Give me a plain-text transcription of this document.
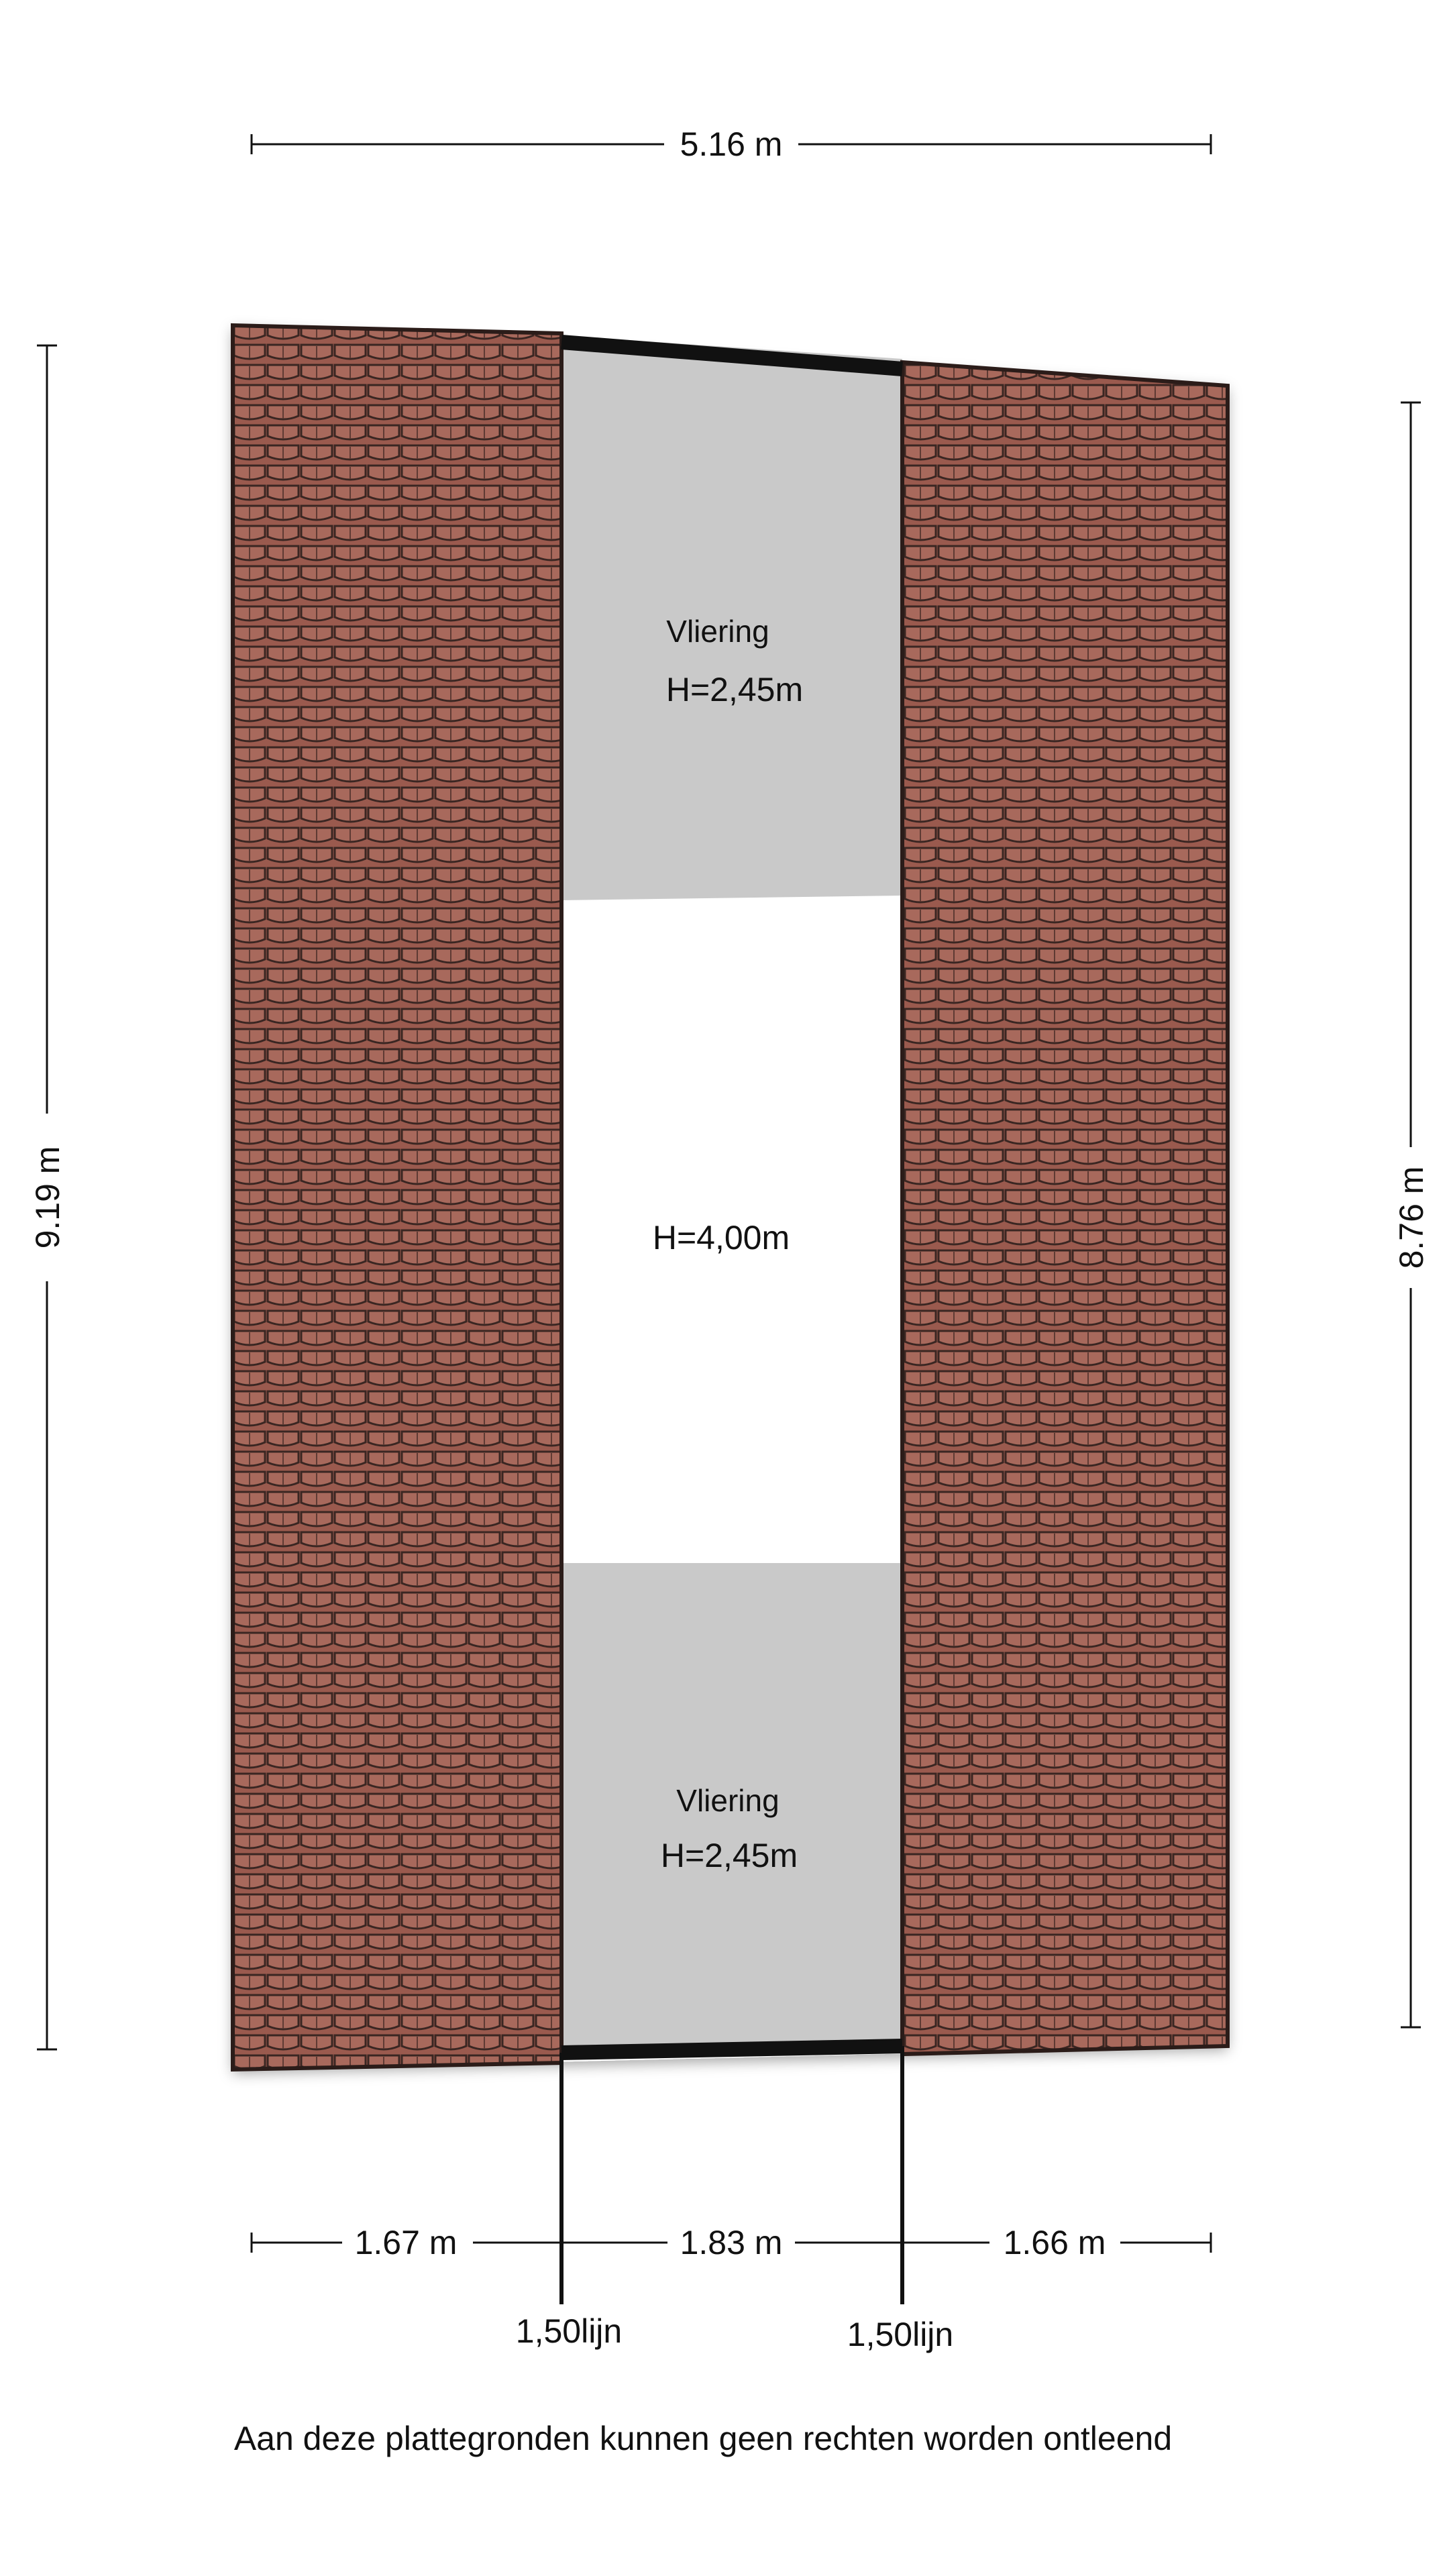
Vliering
H=2,45m
H=4,00m
Vliering
H=2,45m
5.16 m
9.19 m	8.76 m
1.67 m	1.83 m	1.66 m
1,50lijn	1,50lijn
Aan deze plattegronden kunnen geen rechten worden ontleend
